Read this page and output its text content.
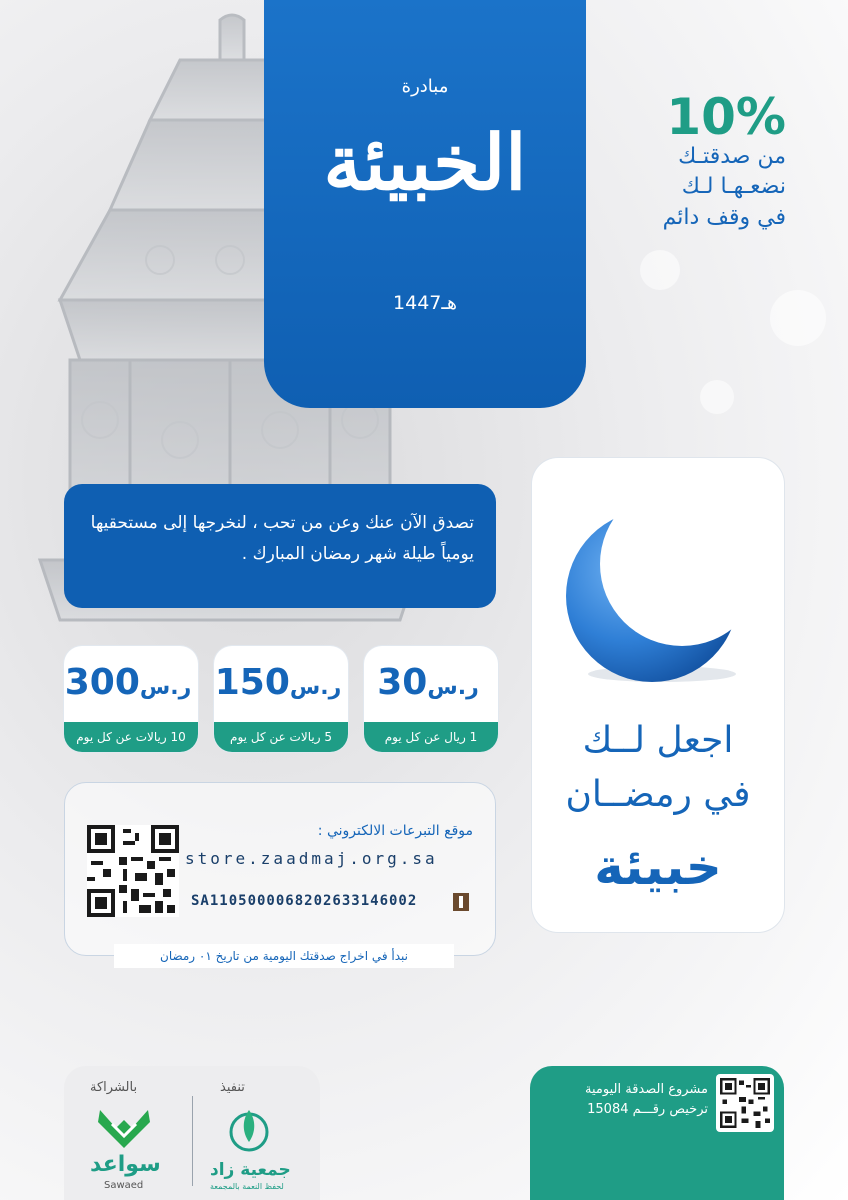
مبادرة
الخبيئة
1447هـ
10%
من صدقتـك
نضعـهـا لـك
في وقف دائم
تصدق الآن عنك وعن من تحب ، لنخرجها إلى مستحقيها يومياً طيلة شهر رمضان المبارك .
ر.س30
1 ريال عن كل يوم
ر.س150
5 ريالات عن كل يوم
ر.س300
10 ريالات عن كل يوم	اجعل لــك
في رمضــان
خبيئة
موقع التبرعات الالكتروني :
store.zaadmaj.org.sa
SA1105000068202633146002
نبدأ في اخراج صدقتك اليومية من تاريخ ٠١ رمضان
بالشراكة	تنفيذ
سواعد
Sawaed
جمعية زاد
لحفظ النعمة بالمجمعة
مشروع الصدقة اليومية
ترخيص رقـــم 15084
